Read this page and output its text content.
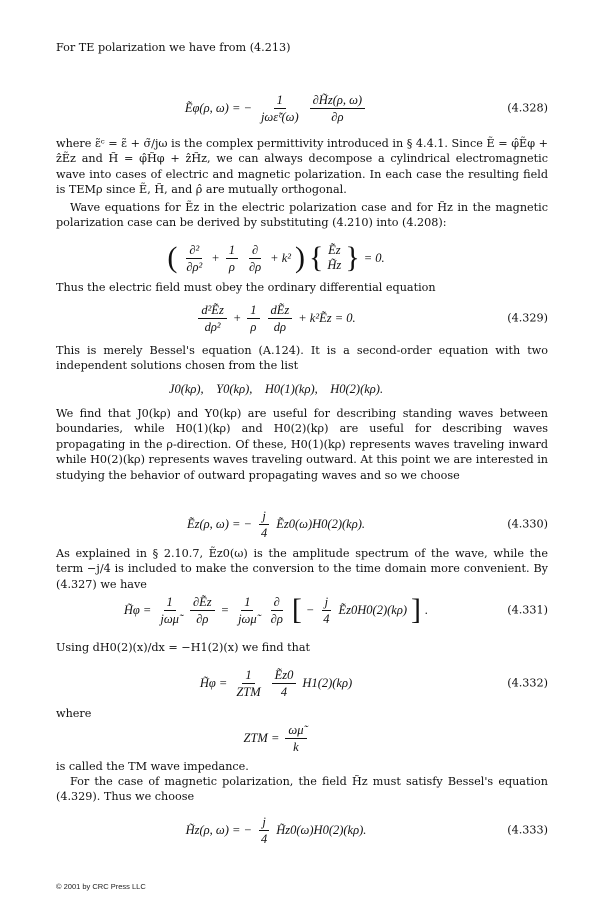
For TE polarization we have from (4.213)
Ẽφ(ρ, ω) = − $\frac{1}{\text{jωε̃ᶜ(ω)}} \frac{\partial H̃z(\rho, \omega)}{\partial\rho}$	(4.328)
where ε̃ᶜ = ε̃ + σ̃/jω is the complex permittivity introduced in § 4.4.1. Since Ẽ = φ̂Ẽφ + ẑẼz and H̃ = φ̂H̃φ + ẑH̃z, we can always decompose a cylindrical electromagnetic wave into cases of electric and magnetic polarization. In each case the resulting field is TEMρ since Ẽ, H̃, and ρ̂ are mutually orthogonal.
Wave equations for Ẽz in the electric polarization case and for H̃z in the magnetic polarization case can be derived by substituting (4.210) into (4.208):
( $\frac{\text{∂²}}{\text{∂ρ²}} + \frac{1}{\rho} \frac{\partial}{\partial\rho} + k^2$ ) { Ẽz
H̃z } = 0.
Thus the electric field must obey the ordinary differential equation
$\frac{\text{d²Ẽz}}{\text{dρ²}} + \frac{1}{\rho} \frac{\text{dẼz}}{d\rho}$ + k²Ẽz = 0.	(4.329)
This is merely Bessel's equation (A.124). It is a second-order equation with two independent solutions chosen from the list
J0(kρ),    Y0(kρ),    H0(1)(kρ),    H0(2)(kρ).
We find that J0(kρ) and Y0(kρ) are useful for describing standing waves between boundaries, while H0(1)(kρ) and H0(2)(kρ) are useful for describing waves propagating in the ρ-direction. Of these, H0(1)(kρ) represents waves traveling inward while H0(2)(kρ) represents waves traveling outward. At this point we are interested in studying the behavior of outward propagating waves and so we choose
Ẽz(ρ, ω) = − $\frac{j}{4}$ Ẽz0(ω)H0(2)(kρ).	(4.330)
As explained in § 2.10.7, Ẽz0(ω) is the amplitude spectrum of the wave, while the term −j/4 is included to make the conversion to the time domain more convenient. By (4.327) we have
H̃φ = $\frac{1}{\text{jωμ̃}} \frac{\text{∂Ẽz}}{\partial\rho} = \frac{1}{\text{jωμ̃}} \frac{\partial}{\partial\rho}$ [ − $\frac{j}{4}$ Ẽz0H0(2)(kρ) ] .	(4.331)
Using dH0(2)(x)/dx = −H1(2)(x) we find that
H̃φ = $\frac{1}{\text{ZTM}} \frac{\text{Ẽz0}}{4} H1(2)(k\rho)$	(4.332)
where
ZTM = $\frac{\omega\mũ}{k}$
is called the TM wave impedance.
For the case of magnetic polarization, the field H̃z must satisfy Bessel's equation (4.329). Thus we choose
H̃z(ρ, ω) = − $\frac{j}{4}$ H̃z0(ω)H0(2)(kρ).	(4.333)
© 2001 by CRC Press LLC
